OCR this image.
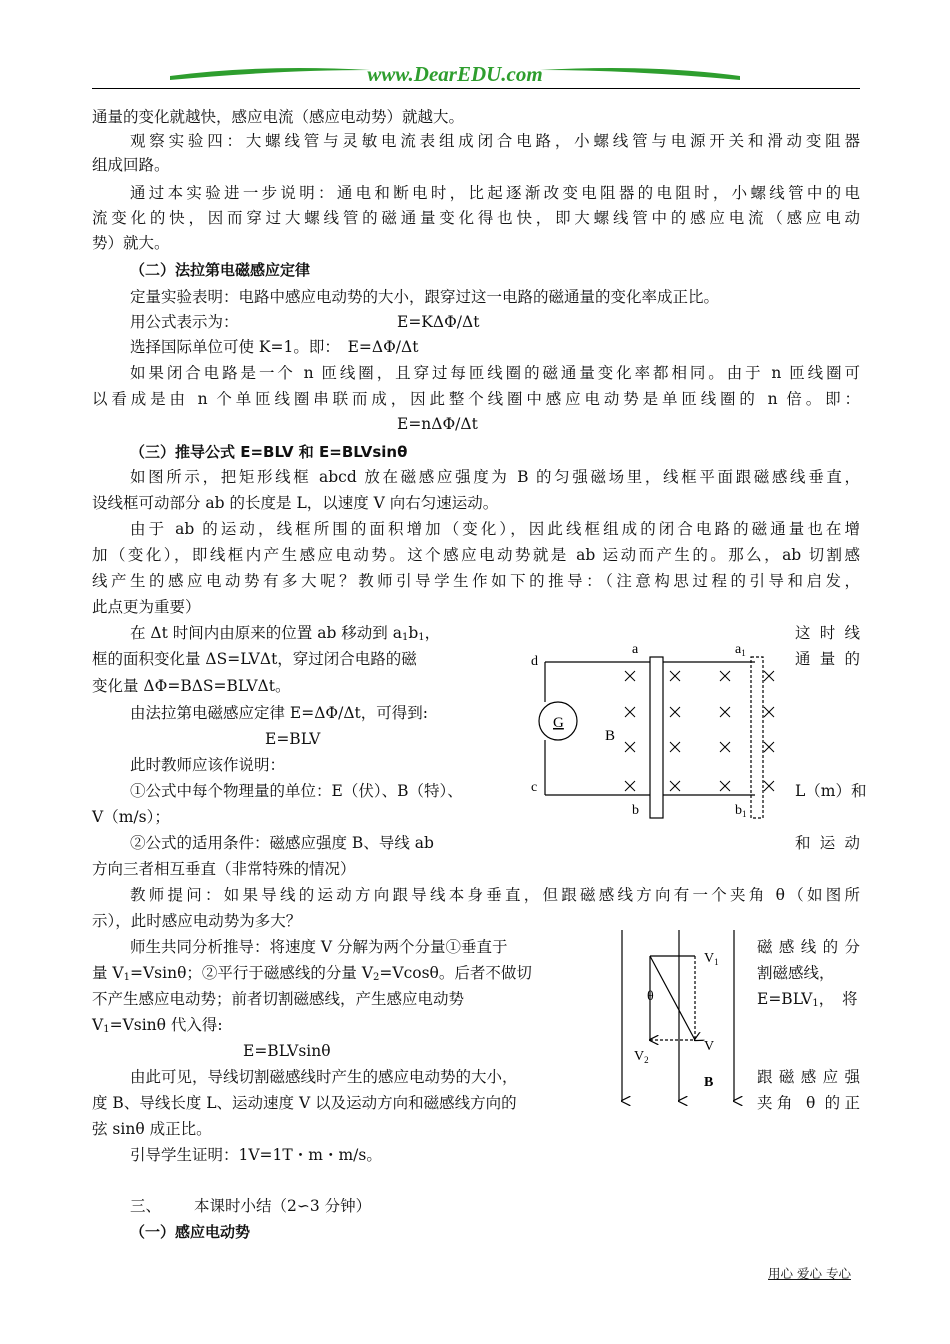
www.DearEDU.com
通量的变化就越快，感应电流（感应电动势）就越大。
观察实验四：大螺线管与灵敏电流表组成闭合电路，小螺线管与电源开关和滑动变阻器
组成回路。
通过本实验进一步说明：通电和断电时，比起逐渐改变电阻器的电阻时，小螺线管中的电
流变化的快，因而穿过大螺线管的磁通量变化得也快，即大螺线管中的感应电流（感应电动
势）就大。
（二）法拉第电磁感应定律
定量实验表明：电路中感应电动势的大小，跟穿过这一电路的磁通量的变化率成正比。
用公式表示为：	E=KΔΦ/Δt
选择国际单位可使 K=1。即：　E=ΔΦ/Δt
如果闭合电路是一个 n 匝线圈，且穿过每匝线圈的磁通量变化率都相同。由于 n 匝线圈可
以看成是由 n 个单匝线圈串联而成，因此整个线圈中感应电动势是单匝线圈的 n 倍。即：
E=nΔΦ/Δt
（三）推导公式 E=BLV 和 E=BLVsinθ
如图所示，把矩形线框 abcd 放在磁感应强度为 B 的匀强磁场里，线框平面跟磁感线垂直，
设线框可动部分 ab 的长度是 L，以速度 V 向右匀速运动。
由于 ab 的运动，线框所围的面积增加（变化），因此线框组成的闭合电路的磁通量也在增
加（变化），即线框内产生感应电动势。这个感应电动势就是 ab 运动而产生的。那么，ab 切割感
线产生的感应电动势有多大呢？教师引导学生作如下的推导：（注意构思过程的引导和启发，
此点更为重要）
在 Δt 时间内由原来的位置 ab 移动到 $a_1b_1$，	这时线
框的面积变化量 ΔS=LVΔt，穿过闭合电路的磁	通量的
变化量 ΔΦ=BΔS=BLVΔt。
由法拉第电磁感应定律 E=ΔΦ/Δt，可得到:
E=BLV
此时教师应该作说明：
①公式中每个物理量的单位：E（伏）、B（特）、	L（m）和
V（m/s）；
②公式的适用条件：磁感应强度 B、导线 ab	和运动
方向三者相互垂直（非常特殊的情况）
教师提问：如果导线的运动方向跟导线本身垂直，但跟磁感线方向有一个夹角 θ（如图所
示），此时感应电动势为多大？
师生共同分析推导：将速度 V 分解为两个分量①垂直于	磁感线的分
量 $V_1=Vsin\theta$；②平行于磁感线的分量 $V_2=Vcos\theta$。后者不做切	割磁感线，
不产生感应电动势；前者切割磁感线，产生感应电动势	$E=BLV_1$，　将
$V_1=Vsin\theta$ 代入得:
E=BLVsinθ
由此可见，导线切割磁感线时产生的感应电动势的大小，	跟磁感应强
度 B、导线长度 L、运动速度 V 以及运动方向和磁感线方向的	夹角 θ 的正
弦 sinθ 成正比。
引导学生证明：1V=1T・m・m/s。
三、 本课时小结（2∽3 分钟）
（一）感应电动势
a	$a_1$
d
G
B
c
b	$b_1$
$V_1$
θ
V
$V_2$
B
用心 爱心 专心
